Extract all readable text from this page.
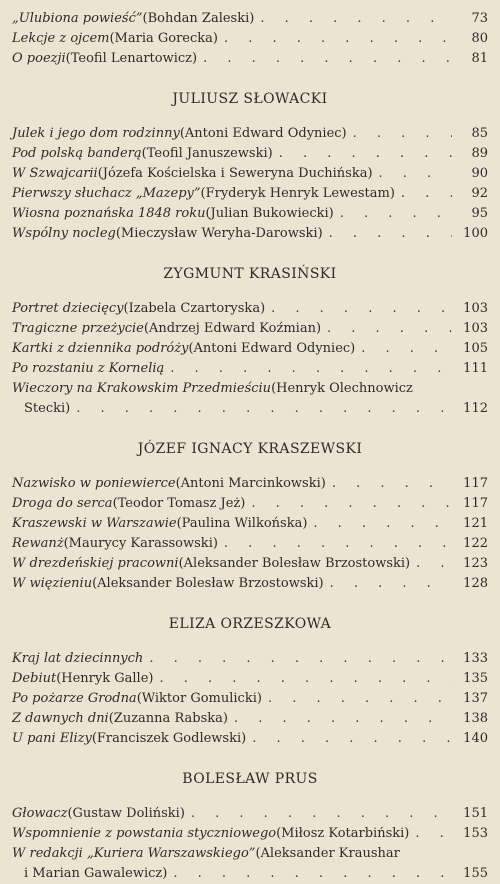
„Ulubiona powieść” (Bohdan Zaleski) . . .	73
Lekcje z ojcem (Maria Gorecka) . . .	80
O poezji (Teofil Lenartowicz) . . .	81
JULIUSZ SŁOWACKI
Julek i jego dom rodzinny (Antoni Edward Odyniec) . . .	85
Pod polską banderą (Teofil Januszewski) . . .	89
W Szwajcarii (Józefa Kościelska i Seweryna Duchińska) . . .	90
Pierwszy słuchacz „Mazepy” (Fryderyk Henryk Lewestam) . . .	92
Wiosna poznańska 1848 roku (Julian Bukowiecki) . . .	95
Wspólny nocleg (Mieczysław Weryha-Darowski) . . .	100
ZYGMUNT KRASIŃSKI
Portret dziecięcy (Izabela Czartoryska) . . .	103
Tragiczne przeżycie (Andrzej Edward Koźmian) . . .	103
Kartki z dziennika podróży (Antoni Edward Odyniec) . . .	105
Po rozstaniu z Kornelią . . .	111
Wieczory na Krakowskim Przedmieściu (Henryk Olechnowicz
Stecki) . . .	112
JÓZEF IGNACY KRASZEWSKI
Nazwisko w poniewierce (Antoni Marcinkowski) . . .	117
Droga do serca (Teodor Tomasz Jeż) . . .	117
Kraszewski w Warszawie (Paulina Wilkońska) . . .	121
Rewanż (Maurycy Karassowski) . . .	122
W drezdeńskiej pracowni (Aleksander Bolesław Brzostowski) . . .	123
W więzieniu (Aleksander Bolesław Brzostowski) . . .	128
ELIZA ORZESZKOWA
Kraj lat dziecinnych . . .	133
Debiut (Henryk Galle) . . .	135
Po pożarze Grodna (Wiktor Gomulicki) . . .	137
Z dawnych dni (Zuzanna Rabska) . . .	138
U pani Elizy (Franciszek Godlewski) . . .	140
BOLESŁAW PRUS
Głowacz (Gustaw Doliński) . . .	151
Wspomnienie z powstania styczniowego (Miłosz Kotarbiński) . . .	153
W redakcji „Kuriera Warszawskiego” (Aleksander Kraushar
i Marian Gawalewicz) . . .	155
